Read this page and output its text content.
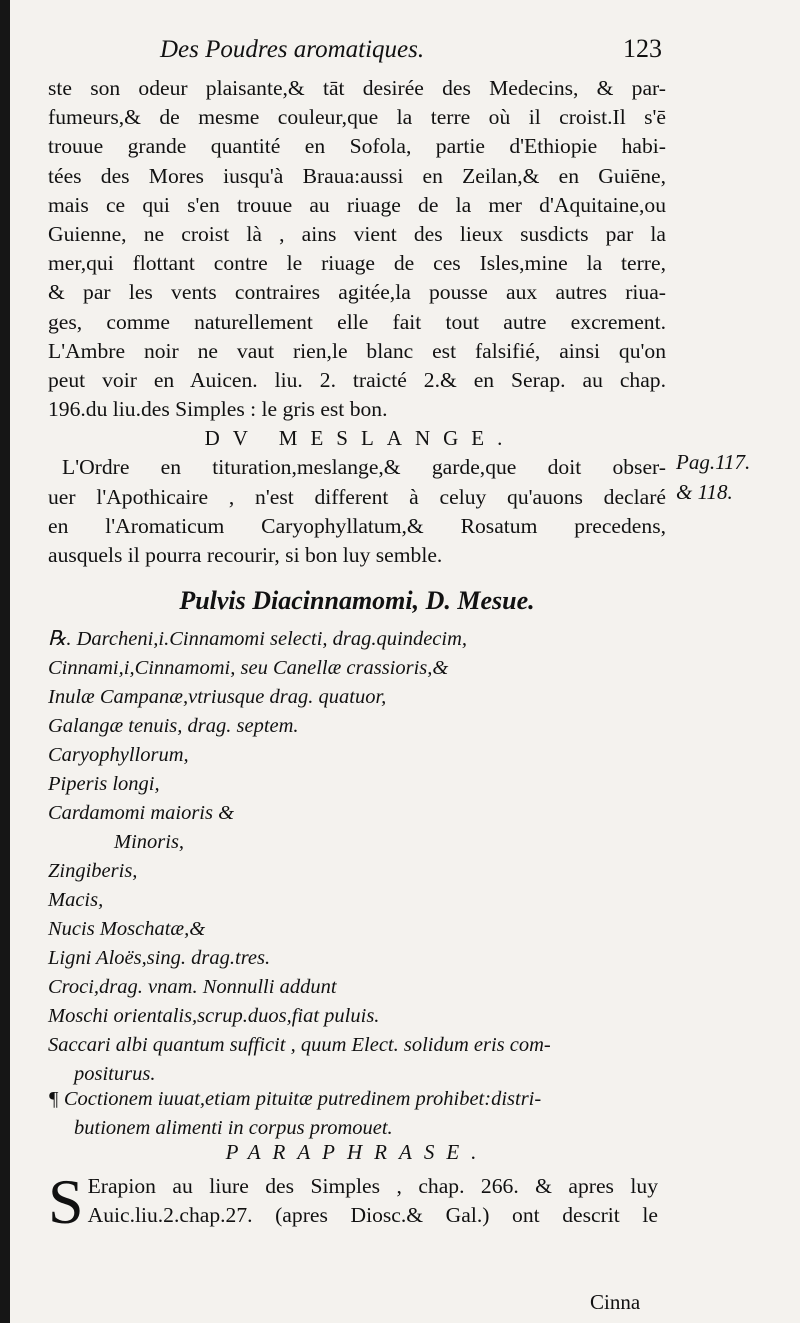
Des Poudres aromatiques.	123
ste son odeur plaisante,& tāt desirée des Medecins, & par-
fumeurs,& de mesme couleur,que la terre où il croist.Il s'ē
trouue grande quantité en Sofola, partie d'Ethiopie habi-
tées des Mores iusqu'à Braua:aussi en Zeilan,& en Guiēne,
mais ce qui s'en trouue au riuage de la mer d'Aquitaine,ou
Guienne, ne croist là , ains vient des lieux susdicts par la
mer,qui flottant contre le riuage de ces Isles,mine la terre,
& par les vents contraires agitée,la pousse aux autres riua-
ges, comme naturellement elle fait tout autre excrement.
L'Ambre noir ne vaut rien,le blanc est falsifié, ainsi qu'on
peut voir en Auicen. liu. 2. traicté 2.& en Serap. au chap.
196.du liu.des Simples : le gris est bon.
DV MESLANGE.
L'Ordre en tituration,meslange,& garde,que doit obser-
uer l'Apothicaire , n'est different à celuy qu'auons declaré
en l'Aromaticum Caryophyllatum,& Rosatum precedens,
ausquels il pourra recourir, si bon luy semble.
Pag.117.
& 118.
Pulvis Diacinnamomi, D. Mesue.
℞. Darcheni,i.Cinnamomi selecti, drag.quindecim,
Cinnami,i,Cinnamomi, seu Canellæ crassioris,&
Inulæ Campanæ,vtriusque drag. quatuor,
Galangæ tenuis, drag. septem.
Caryophyllorum,
Piperis longi,
Cardamomi maioris &
Minoris,
Zingiberis,
Macis,
Nucis Moschatæ,&
Ligni Aloës,sing. drag.tres.
Croci,drag. vnam. Nonnulli addunt
Moschi orientalis,scrup.duos,fiat puluis.
Saccari albi quantum sufficit , quum Elect. solidum eris com-
positurus.
¶ Coctionem iuuat,etiam pituitæ putredinem prohibet:distri-
butionem alimenti in corpus promouet.
PARAPHRASE.
S Erapion au liure des Simples , chap. 266. & apres luy
Auic.liu.2.chap.27. (apres Diosc.& Gal.) ont descrit le
Cinna
